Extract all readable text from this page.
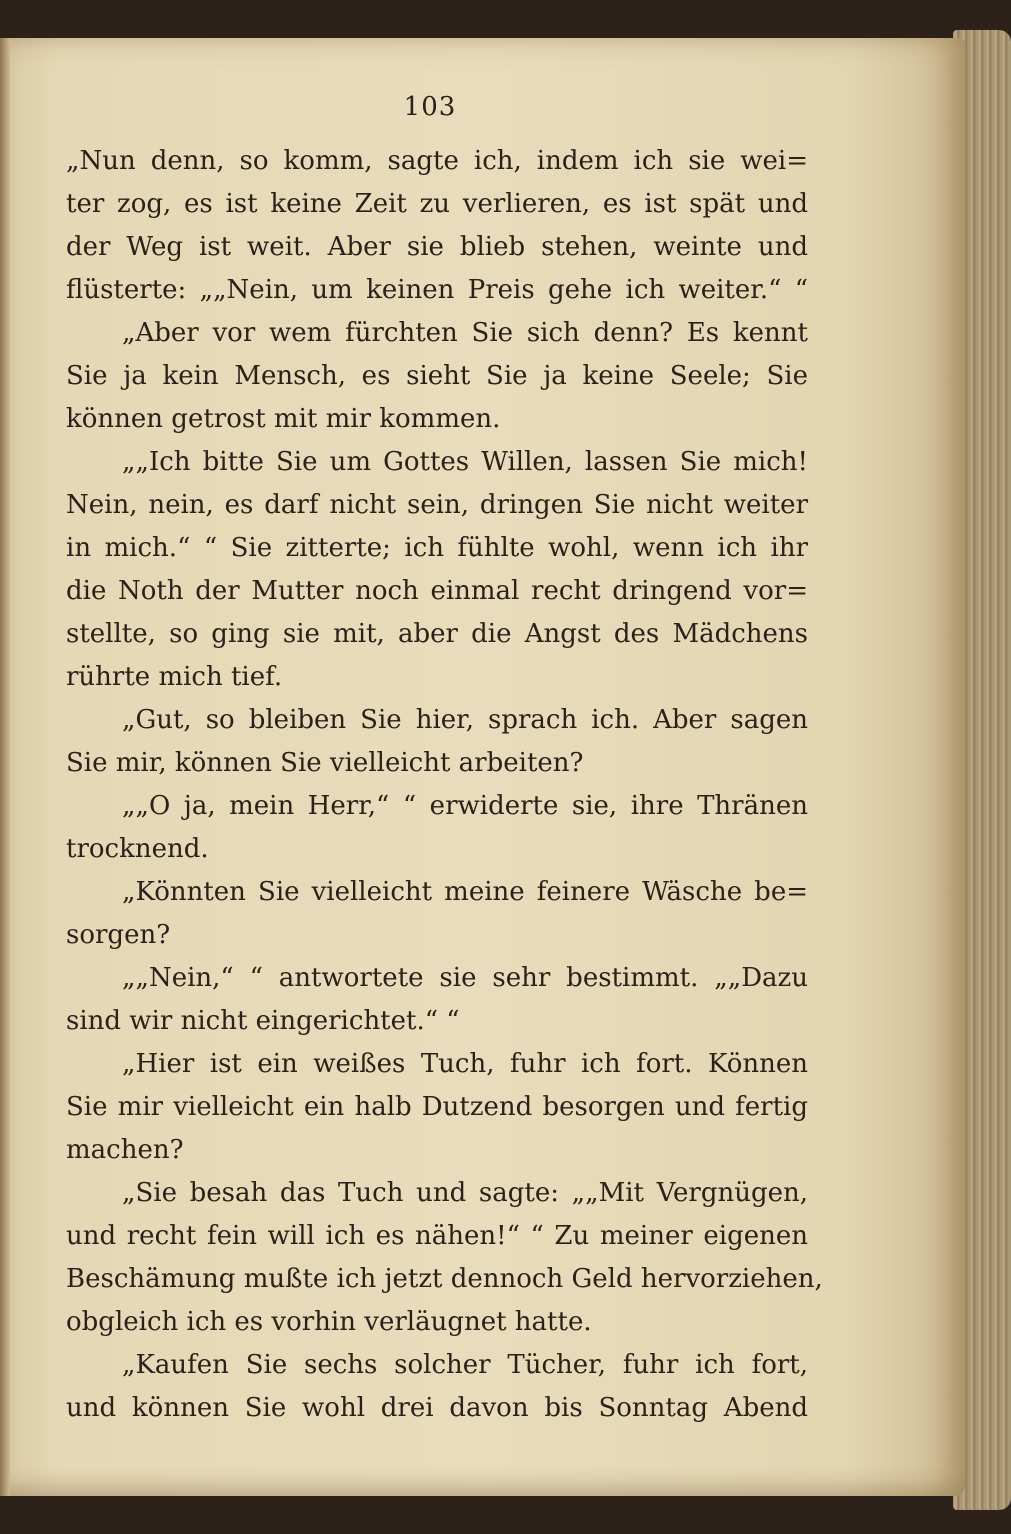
103
„Nun denn, so komm, sagte ich, indem ich sie wei=
ter zog, es ist keine Zeit zu verlieren, es ist spät und
der Weg ist weit. Aber sie blieb stehen, weinte und
flüsterte: „„Nein, um keinen Preis gehe ich weiter.“ “
„Aber vor wem fürchten Sie sich denn? Es kennt
Sie ja kein Mensch, es sieht Sie ja keine Seele; Sie
können getrost mit mir kommen.
„„Ich bitte Sie um Gottes Willen, lassen Sie mich!
Nein, nein, es darf nicht sein, dringen Sie nicht weiter
in mich.“ “ Sie zitterte; ich fühlte wohl, wenn ich ihr
die Noth der Mutter noch einmal recht dringend vor=
stellte, so ging sie mit, aber die Angst des Mädchens
rührte mich tief.
„Gut, so bleiben Sie hier, sprach ich. Aber sagen
Sie mir, können Sie vielleicht arbeiten?
„„O ja, mein Herr,“ “ erwiderte sie, ihre Thränen
trocknend.
„Könnten Sie vielleicht meine feinere Wäsche be=
sorgen?
„„Nein,“ “ antwortete sie sehr bestimmt. „„Dazu
sind wir nicht eingerichtet.“ “
„Hier ist ein weißes Tuch, fuhr ich fort. Können
Sie mir vielleicht ein halb Dutzend besorgen und fertig
machen?
„Sie besah das Tuch und sagte: „„Mit Vergnügen,
und recht fein will ich es nähen!“ “ Zu meiner eigenen
Beschämung mußte ich jetzt dennoch Geld hervorziehen,
obgleich ich es vorhin verläugnet hatte.
„Kaufen Sie sechs solcher Tücher, fuhr ich fort,
und können Sie wohl drei davon bis Sonntag Abend
